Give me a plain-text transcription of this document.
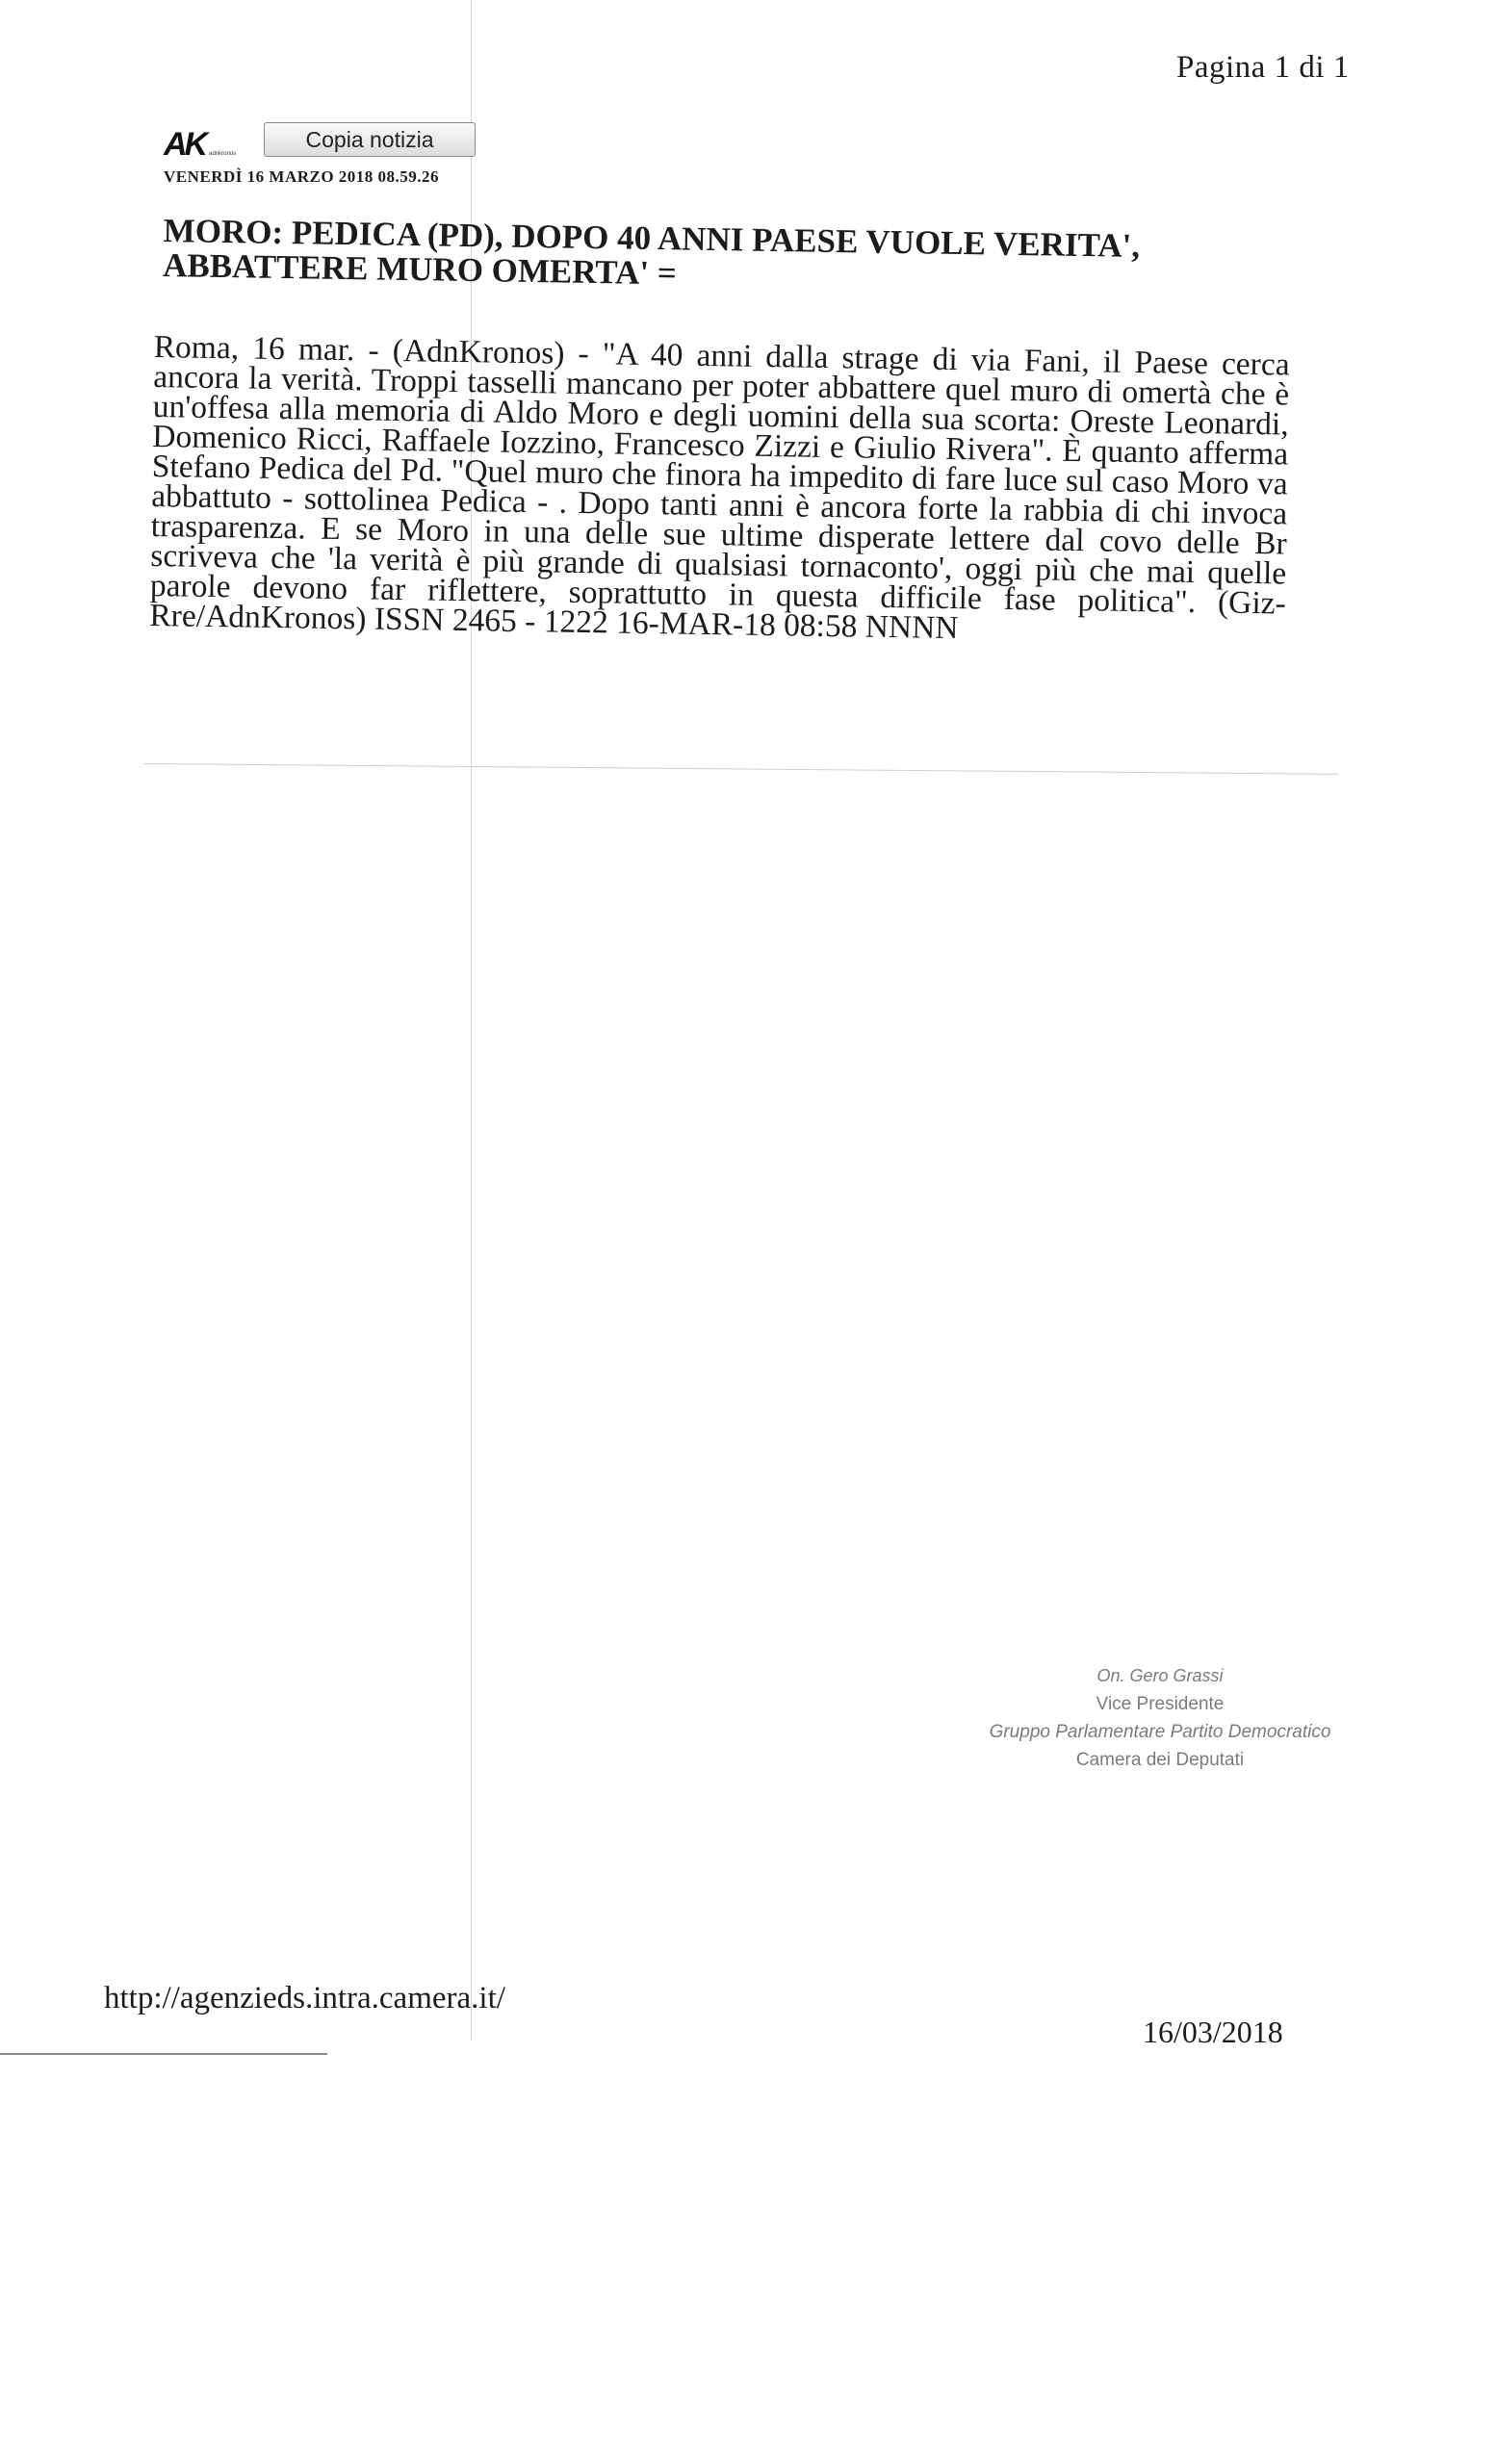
Pagina 1 di 1
AK adnkronos
Copia notizia
VENERDÌ 16 MARZO 2018 08.59.26
MORO: PEDICA (PD), DOPO 40 ANNI PAESE VUOLE VERITA', ABBATTERE MURO OMERTA' =

Roma, 16 mar. - (AdnKronos) - "A 40 anni dalla strage di via Fani, il Paese cerca ancora la verità. Troppi tasselli mancano per poter abbattere quel muro di omertà che è un'offesa alla memoria di Aldo Moro e degli uomini della sua scorta: Oreste Leonardi, Domenico Ricci, Raffaele Iozzino, Francesco Zizzi e Giulio Rivera". È quanto afferma Stefano Pedica del Pd. "Quel muro che finora ha impedito di fare luce sul caso Moro va abbattuto - sottolinea Pedica - . Dopo tanti anni è ancora forte la rabbia di chi invoca trasparenza. E se Moro in una delle sue ultime disperate lettere dal covo delle Br scriveva che 'la verità è più grande di qualsiasi tornaconto', oggi più che mai quelle parole devono far riflettere, soprattutto in questa difficile fase politica". (Giz-Rre/AdnKronos) ISSN 2465 - 1222 16-MAR-18 08:58 NNNN

On. Gero Grassi
Vice Presidente
Gruppo Parlamentare Partito Democratico
Camera dei Deputati
http://agenzieds.intra.camera.it/
16/03/2018
